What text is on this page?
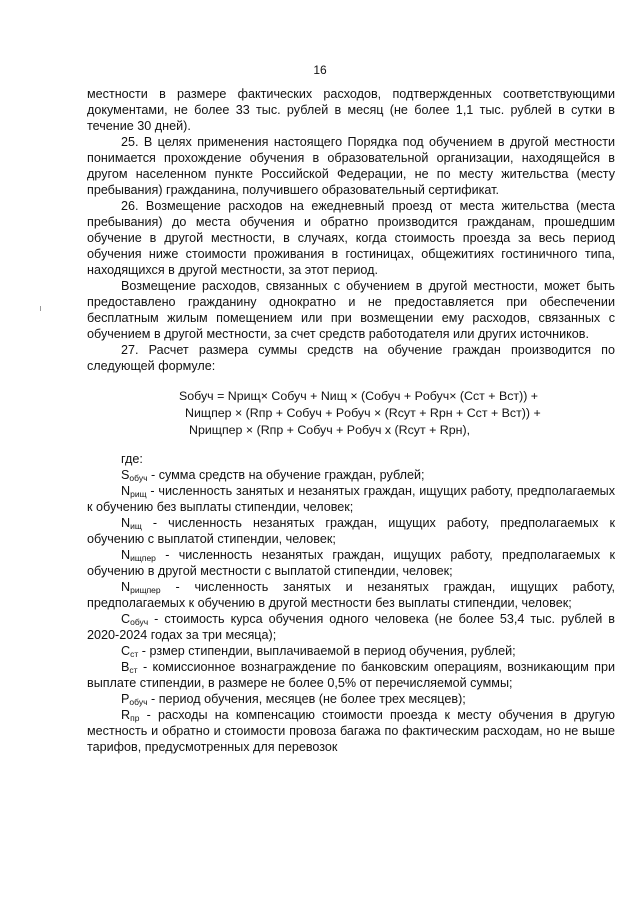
16

местности в размере фактических расходов, подтвержденных соответствующими документами, не более 33 тыс. рублей в месяц (не более 1,1 тыс. рублей в сутки в течение 30 дней).

25. В целях применения настоящего Порядка под обучением в другой местности понимается прохождение обучения в образовательной организации, находящейся в другом населенном пункте Российской Федерации, не по месту жительства (месту пребывания) гражданина, получившего образовательный сертификат.

26. Возмещение расходов на ежедневный проезд от места жительства (места пребывания) до места обучения и обратно производится гражданам, прошедшим обучение в другой местности, в случаях, когда стоимость проезда за весь период обучения ниже стоимости проживания в гостиницах, общежитиях гостиничного типа, находящихся в другой местности, за этот период.

Возмещение расходов, связанных с обучением в другой местности, может быть предоставлено гражданину однократно и не предоставляется при обеспечении бесплатным жилым помещением или при возмещении ему расходов, связанных с обучением в другой местности, за счет средств работодателя или других источников.

27. Расчет размера суммы средств на обучение граждан производится по следующей формуле:

Sобуч = Nрищ× Cобуч + Nищ × (Cобуч + Pобуч× (Cст + Bст)) +
Nищпер × (Rпр + Cобуч + Pобуч × (Rсут + Rрн + Cст + Bст)) +
Nрищпер × (Rпр + Cобуч + Pобуч x (Rсут + Rрн),

где:

$S_{обуч}$ - сумма средств на обучение граждан, рублей;

$N_{рищ}$ - численность занятых и незанятых граждан, ищущих работу, предполагаемых к обучению без выплаты стипендии, человек;

$N_{ищ}$ - численность незанятых граждан, ищущих работу, предполагаемых к обучению с выплатой стипендии, человек;

$N_{ищпер}$ - численность незанятых граждан, ищущих работу, предполагаемых к обучению в другой местности с выплатой стипендии, человек;

$N_{рищпер}$ - численность занятых и незанятых граждан, ищущих работу, предполагаемых к обучению в другой местности без выплаты стипендии, человек;

$C_{обуч}$ - стоимость курса обучения одного человека (не более 53,4 тыс. рублей в 2020-2024 годах за три месяца);

$C_{ст}$ - рзмер стипендии, выплачиваемой в период обучения, рублей;

$B_{ст}$ - комиссионное вознаграждение по банковским операциям, возникающим при выплате стипендии, в размере не более 0,5% от перечисляемой суммы;

$P_{обуч}$ - период обучения, месяцев (не более трех месяцев);

$R_{пр}$ - расходы на компенсацию стоимости проезда к месту обучения в другую местность и обратно и стоимости провоза багажа по фактическим расходам, но не выше тарифов, предусмотренных для перевозок
